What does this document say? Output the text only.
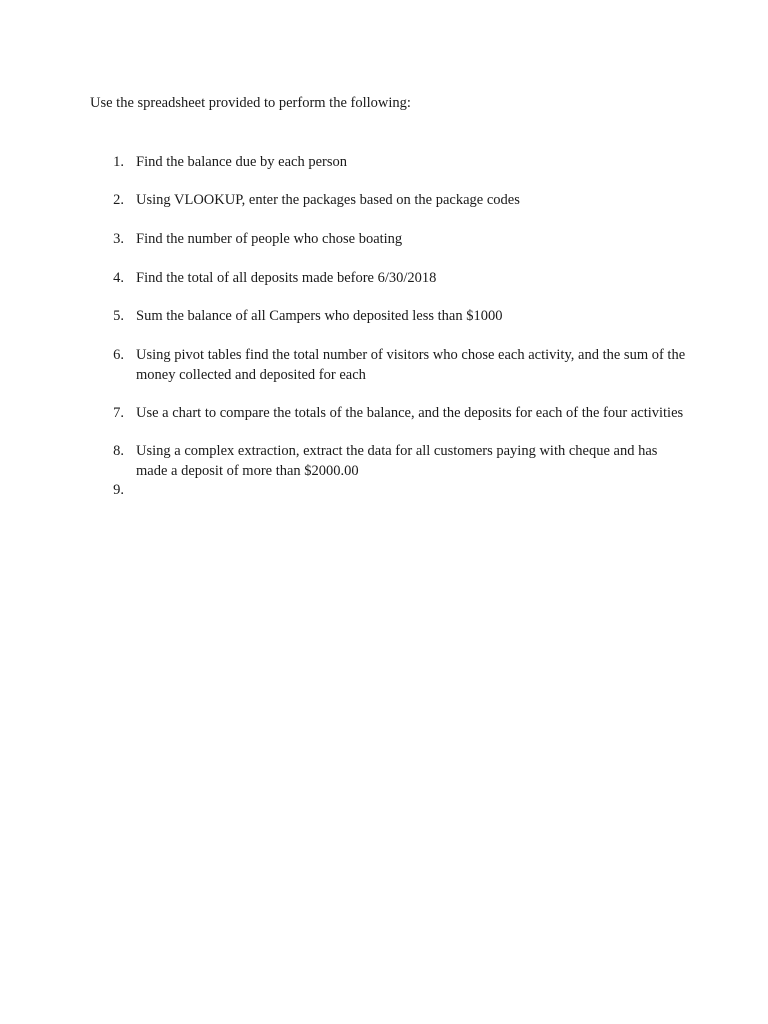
Use the spreadsheet provided to perform the following:
1. Find the balance due by each person
2. Using VLOOKUP, enter the packages based on the package codes
3. Find the number of people who chose boating
4. Find the total of all deposits made before 6/30/2018
5. Sum the balance of all Campers who deposited less than $1000
6. Using pivot tables find the total number of visitors who chose each activity, and the sum of the money collected and deposited for each
7. Use a chart to compare the totals of the balance, and the deposits for each of the four activities
8. Using a complex extraction, extract the data for all customers paying with cheque and has made a deposit of more than $2000.00
9.
